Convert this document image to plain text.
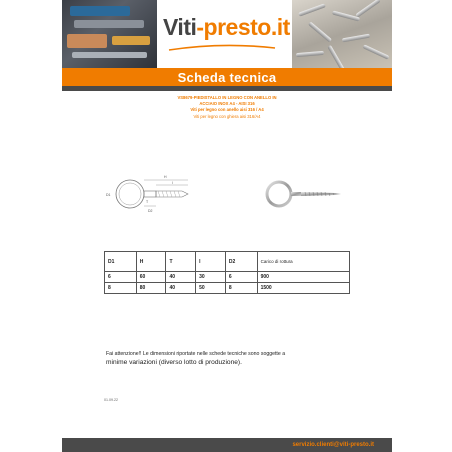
Viti-presto.it
Scheda tecnica
VS8679-PIEDISTALLO IN LEGNO CON ANELLO IN
ACCIAIO INOX A4 - AISI 316
Viti per legno con anello aisi 316 / A4
Viti per legno con ghiera aisi 316/A4
H
l
D1
D2
T
D1	H	T	l	D2	Carico di rottura
6	60	40	30	6	900
8	80	40	50	8	1500
Fai attenzione!! Le dimensioni riportate nelle schede tecniche sono soggette a
minime variazioni (diverso lotto di produzione).
01.09.22
servizio.clienti@viti-presto.it
